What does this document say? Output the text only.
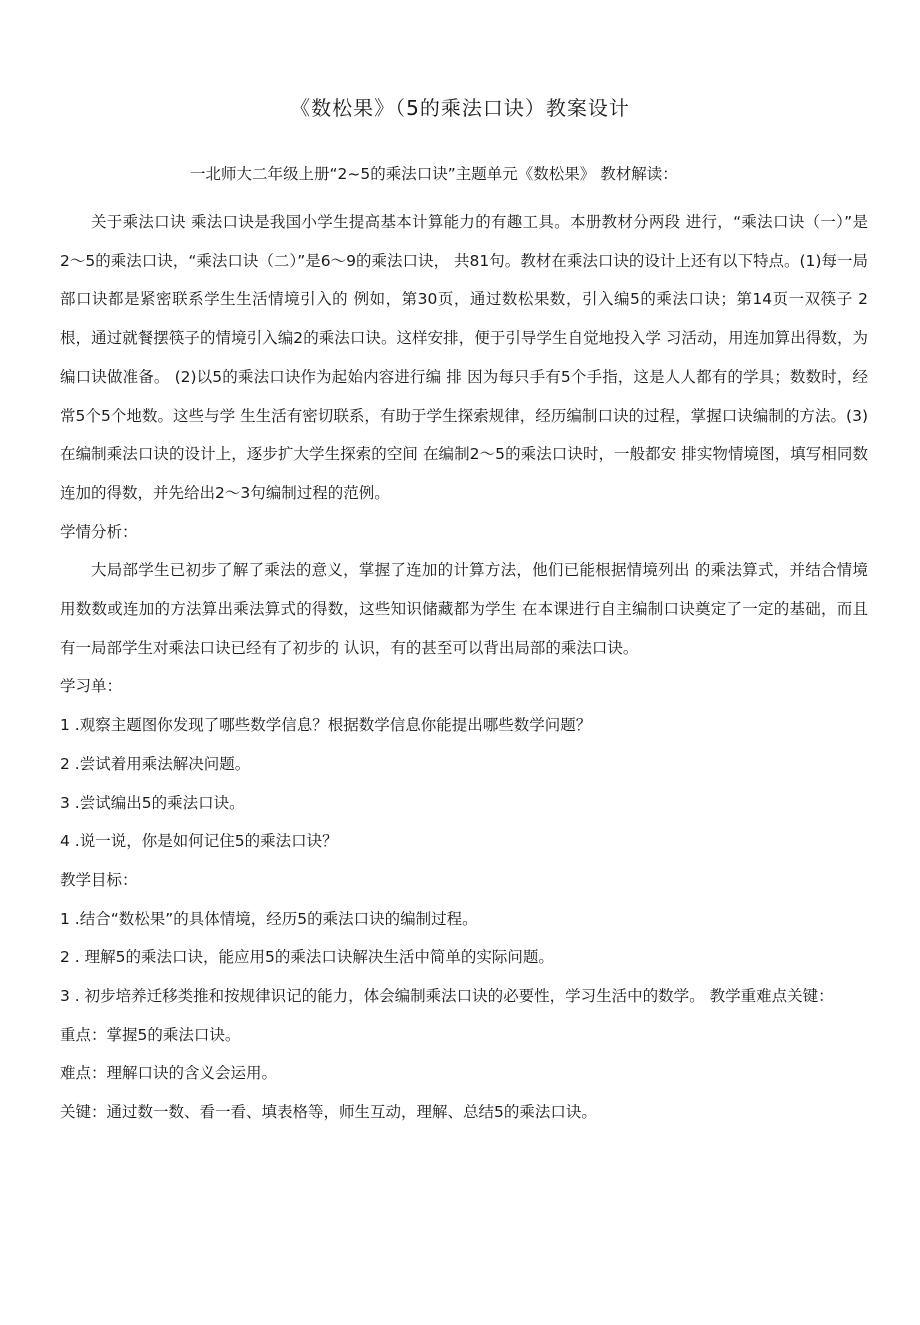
《数松果》（5的乘法口诀）教案设计
一北师大二年级上册“2~5的乘法口诀”主题单元《数松果》 教材解读：

关于乘法口诀 乘法口诀是我国小学生提高基本计算能力的有趣工具。本册教材分两段 进行，“乘法口诀（一）”是2〜5的乘法口诀，“乘法口诀（二）”是6〜9的乘法口诀， 共81句。教材在乘法口诀的设计上还有以下特点。(1)每一局部口诀都是紧密联系学生生活情境引入的 例如，第30页，通过数松果数，引入编5的乘法口诀；第14页一双筷子 2根，通过就餐摆筷子的情境引入编2的乘法口诀。这样安排，便于引导学生自觉地投入学 习活动，用连加算出得数，为编口诀做准备。 (2)以5的乘法口诀作为起始内容进行编 排 因为每只手有5个手指，这是人人都有的学具；数数时，经常5个5个地数。这些与学 生生活有密切联系，有助于学生探索规律，经历编制口诀的过程，掌握口诀编制的方法。(3) 在编制乘法口诀的设计上，逐步扩大学生探索的空间 在编制2〜5的乘法口诀时，一般都安 排实物情境图，填写相同数连加的得数，并先给出2〜3句编制过程的范例。

学情分析：

大局部学生已初步了解了乘法的意义，掌握了连加的计算方法，他们已能根据情境列出 的乘法算式，并结合情境用数数或连加的方法算出乘法算式的得数，这些知识储藏都为学生 在本课进行自主编制口诀奠定了一定的基础，而且有一局部学生对乘法口诀已经有了初步的 认识，有的甚至可以背出局部的乘法口诀。

学习单：

1 .观察主题图你发现了哪些数学信息？根据数学信息你能提出哪些数学问题？

2 .尝试着用乘法解决问题。

3 .尝试编出5的乘法口诀。

4 .说一说，你是如何记住5的乘法口诀？

教学目标：

1 .结合“数松果”的具体情境，经历5的乘法口诀的编制过程。

2 . 理解5的乘法口诀，能应用5的乘法口诀解决生活中简单的实际问题。

3 . 初步培养迁移类推和按规律识记的能力，体会编制乘法口诀的必要性，学习生活中的数学。 教学重难点关键：

重点：掌握5的乘法口诀。

难点：理解口诀的含义会运用。

关键：通过数一数、看一看、填表格等，师生互动，理解、总结5的乘法口诀。
